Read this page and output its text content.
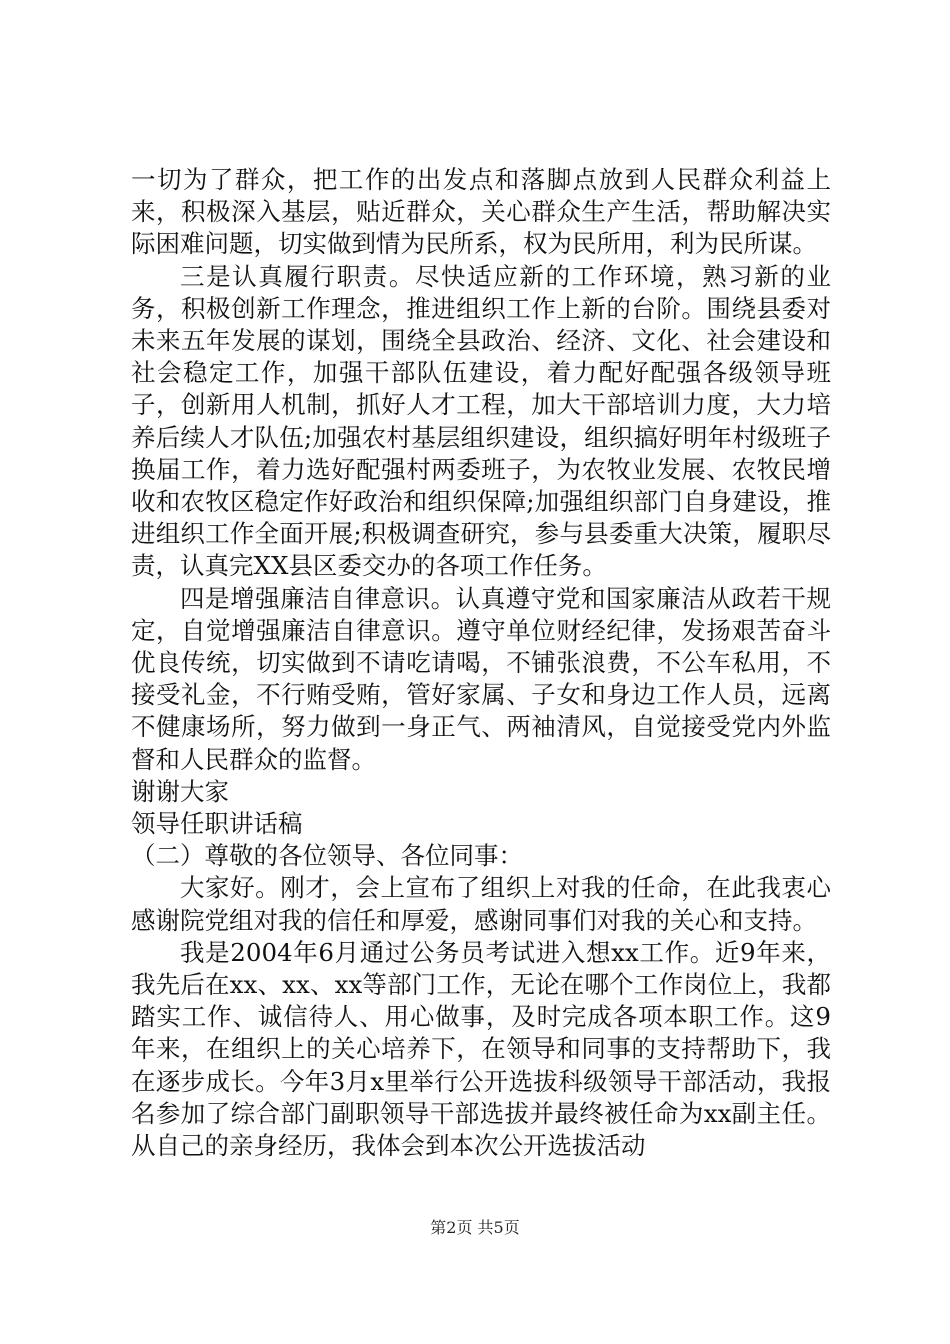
一切为了群众，把工作的出发点和落脚点放到人民群众利益上来，积极深入基层，贴近群众，关心群众生产生活，帮助解决实际困难问题，切实做到情为民所系，权为民所用，利为民所谋。

三是认真履行职责。尽快适应新的工作环境，熟习新的业务，积极创新工作理念，推进组织工作上新的台阶。围绕县委对未来五年发展的谋划，围绕全县政治、经济、文化、社会建设和社会稳定工作，加强干部队伍建设，着力配好配强各级领导班子，创新用人机制，抓好人才工程，加大干部培训力度，大力培养后续人才队伍;加强农村基层组织建设，组织搞好明年村级班子换届工作，着力选好配强村两委班子，为农牧业发展、农牧民增收和农牧区稳定作好政治和组织保障;加强组织部门自身建设，推进组织工作全面开展;积极调查研究，参与县委重大决策，履职尽责，认真完XX县区委交办的各项工作任务。

四是增强廉洁自律意识。认真遵守党和国家廉洁从政若干规定，自觉增强廉洁自律意识。遵守单位财经纪律，发扬艰苦奋斗优良传统，切实做到不请吃请喝，不铺张浪费，不公车私用，不接受礼金，不行贿受贿，管好家属、子女和身边工作人员，远离不健康场所，努力做到一身正气、两袖清风，自觉接受党内外监督和人民群众的监督。

谢谢大家

领导任职讲话稿

（二）尊敬的各位领导、各位同事：

大家好。刚才，会上宣布了组织上对我的任命，在此我衷心感谢院党组对我的信任和厚爱，感谢同事们对我的关心和支持。

我是2004年6月通过公务员考试进入想xx工作。近9年来，我先后在xx、xx、xx等部门工作，无论在哪个工作岗位上，我都踏实工作、诚信待人、用心做事，及时完成各项本职工作。这9年来，在组织上的关心培养下，在领导和同事的支持帮助下，我在逐步成长。今年3月x里举行公开选拔科级领导干部活动，我报名参加了综合部门副职领导干部选拔并最终被任命为xx副主任。从自己的亲身经历，我体会到本次公开选拔活动

第2页 共5页
